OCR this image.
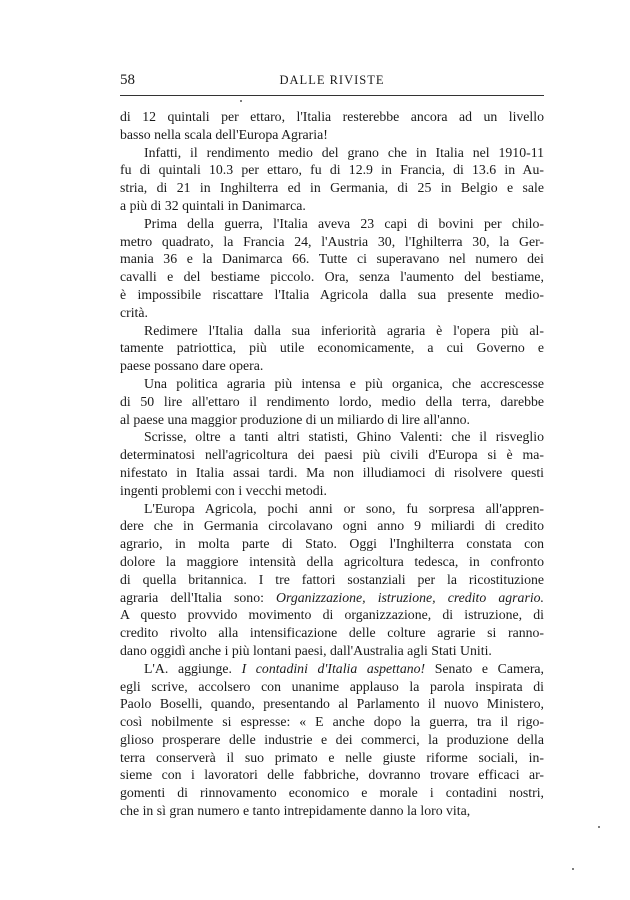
58	DALLE RIVISTE

di 12 quintali per ettaro, l'Italia resterebbe ancora ad un livello
basso nella scala dell'Europa Agraria!

Infatti, il rendimento medio del grano che in Italia nel 1910-11
fu di quintali 10.3 per ettaro, fu di 12.9 in Francia, di 13.6 in Au-
stria, di 21 in Inghilterra ed in Germania, di 25 in Belgio e sale
a più di 32 quintali in Danimarca.

Prima della guerra, l'Italia aveva 23 capi di bovini per chilo-
metro quadrato, la Francia 24, l'Austria 30, l'Ighilterra 30, la Ger-
mania 36 e la Danimarca 66. Tutte ci superavano nel numero dei
cavalli e del bestiame piccolo. Ora, senza l'aumento del bestiame,
è impossibile riscattare l'Italia Agricola dalla sua presente medio-
crità.

Redimere l'Italia dalla sua inferiorità agraria è l'opera più al-
tamente patriottica, più utile economicamente, a cui Governo e
paese possano dare opera.

Una politica agraria più intensa e più organica, che accrescesse
di 50 lire all'ettaro il rendimento lordo, medio della terra, darebbe
al paese una maggior produzione di un miliardo di lire all'anno.

Scrisse, oltre a tanti altri statisti, Ghino Valenti: che il risveglio
determinatosi nell'agricoltura dei paesi più civili d'Europa si è ma-
nifestato in Italia assai tardi. Ma non illudiamoci di risolvere questi
ingenti problemi con i vecchi metodi.

L'Europa Agricola, pochi anni or sono, fu sorpresa all'appren-
dere che in Germania circolavano ogni anno 9 miliardi di credito
agrario, in molta parte di Stato. Oggi l'Inghilterra constata con
dolore la maggiore intensità della agricoltura tedesca, in confronto
di quella britannica. I tre fattori sostanziali per la ricostituzione
agraria dell'Italia sono: Organizzazione, istruzione, credito agrario.
A questo provvido movimento di organizzazione, di istruzione, di
credito rivolto alla intensificazione delle colture agrarie si ranno-
dano oggidì anche i più lontani paesi, dall'Australia agli Stati Uniti.

L'A. aggiunge. I contadini d'Italia aspettano! Senato e Camera,
egli scrive, accolsero con unanime applauso la parola inspirata di
Paolo Boselli, quando, presentando al Parlamento il nuovo Ministero,
così nobilmente si espresse: « E anche dopo la guerra, tra il rigo-
glioso prosperare delle industrie e dei commerci, la produzione della
terra conserverà il suo primato e nelle giuste riforme sociali, in-
sieme con i lavoratori delle fabbriche, dovranno trovare efficaci ar-
gomenti di rinnovamento economico e morale i contadini nostri,
che in sì gran numero e tanto intrepidamente danno la loro vita,
